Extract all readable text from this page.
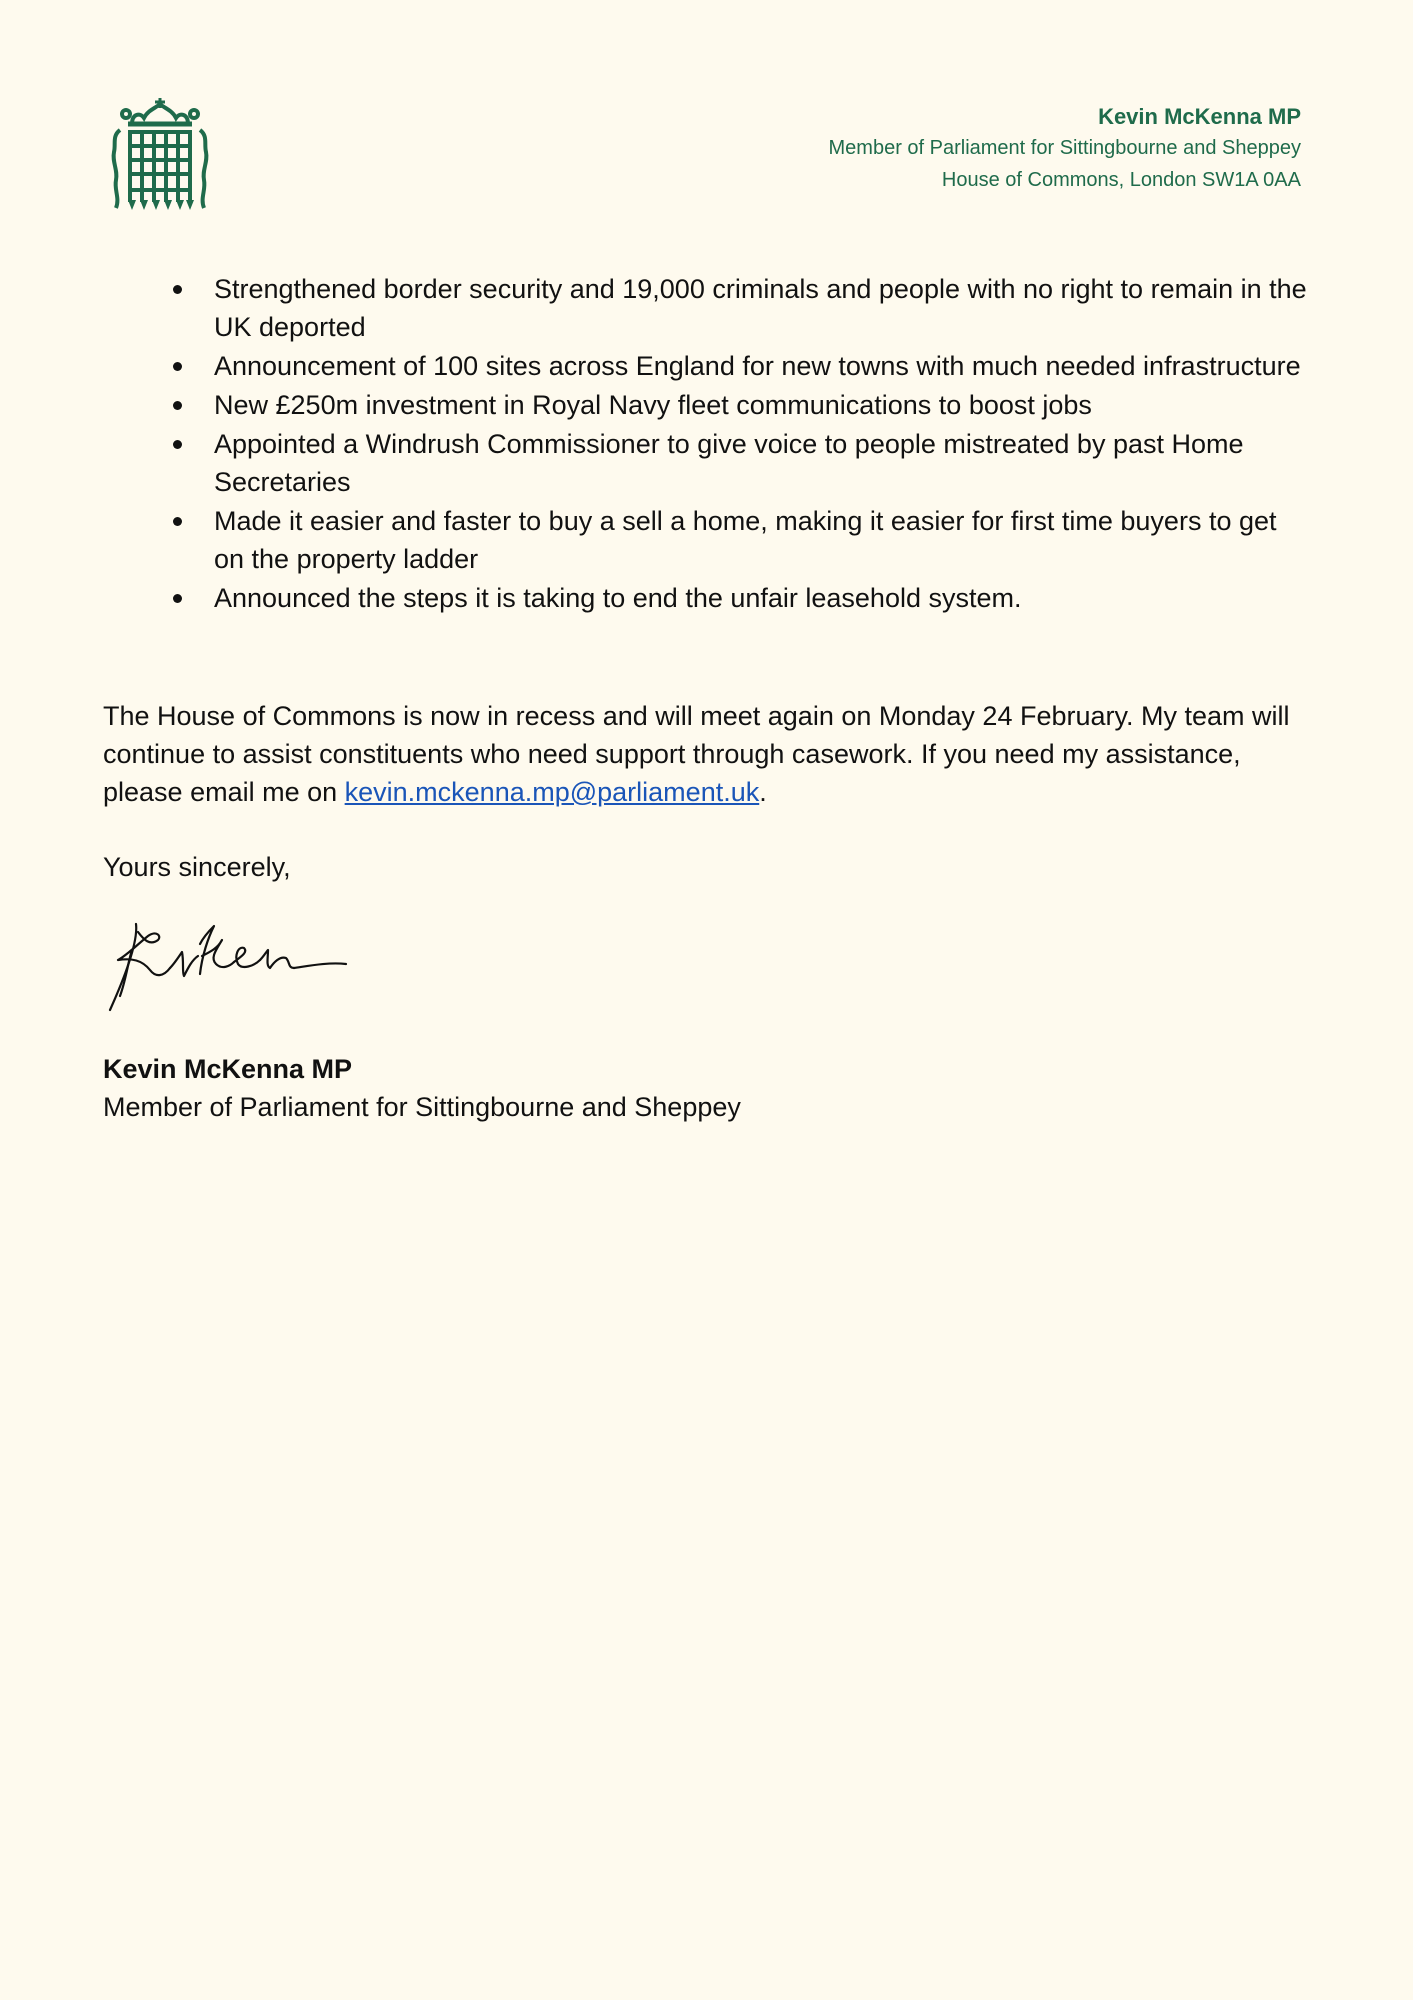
Kevin McKenna MP
Member of Parliament for Sittingbourne and Sheppey
House of Commons, London SW1A 0AA
Strengthened border security and 19,000 criminals and people with no right to remain in the UK deported
Announcement of 100 sites across England for new towns with much needed infrastructure
New £250m investment in Royal Navy fleet communications to boost jobs
Appointed a Windrush Commissioner to give voice to people mistreated by past Home Secretaries
Made it easier and faster to buy a sell a home, making it easier for first time buyers to get on the property ladder
Announced the steps it is taking to end the unfair leasehold system.
The House of Commons is now in recess and will meet again on Monday 24 February. My team will continue to assist constituents who need support through casework. If you need my assistance, please email me on kevin.mckenna.mp@parliament.uk.
Yours sincerely,
Kevin McKenna MP
Member of Parliament for Sittingbourne and Sheppey
